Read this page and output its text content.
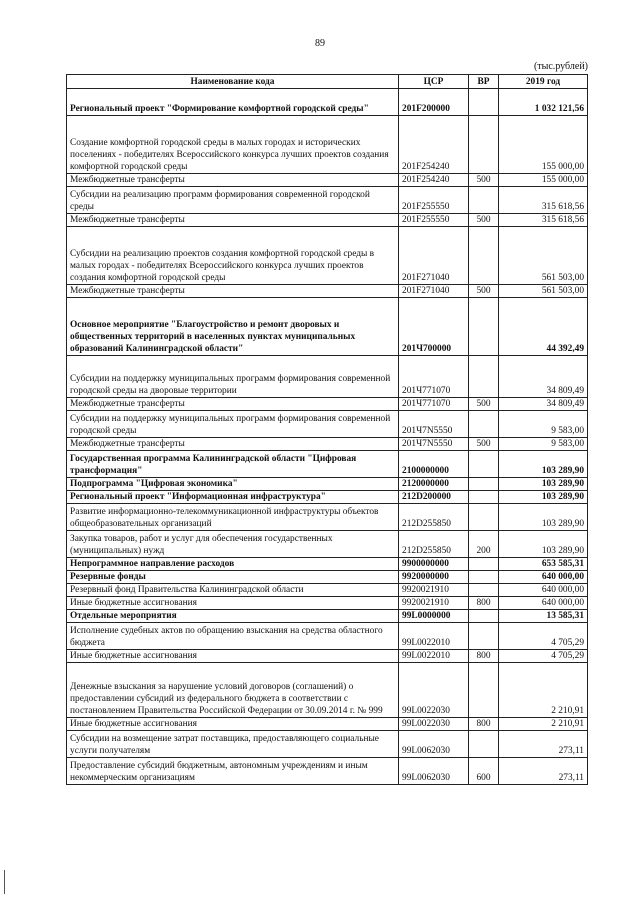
89
(тыс.рублей)
Наименование кода	ЦСР	ВР	2019 год
Региональный проект "Формирование комфортной городской среды"	201F200000		1 032 121,56
Создание комфортной городской среды в малых городах и исторических поселениях - победителях Всероссийского конкурса лучших проектов создания комфортной городской среды	201F254240		155 000,00
Межбюджетные трансферты	201F254240	500	155 000,00
Субсидии на реализацию программ формирования современной городской среды	201F255550		315 618,56
Межбюджетные трансферты	201F255550	500	315 618,56
Субсидии на реализацию проектов создания комфортной городской среды в малых городах - победителях Всероссийского конкурса лучших проектов создания комфортной городской среды	201F271040		561 503,00
Межбюджетные трансферты	201F271040	500	561 503,00
Основное мероприятие "Благоустройство и ремонт дворовых и общественных территорий в населенных пунктах муниципальных образований Калининградской области"	201Ч700000		44 392,49
Субсидии на поддержку муниципальных программ формирования современной городской среды на дворовые территории	201Ч771070		34 809,49
Межбюджетные трансферты	201Ч771070	500	34 809,49
Субсидии на поддержку муниципальных программ формирования современной городской среды	201Ч7N5550		9 583,00
Межбюджетные трансферты	201Ч7N5550	500	9 583,00
Государственная программа Калининградской области "Цифровая трансформация"	2100000000		103 289,90
Подпрограмма "Цифровая экономика"	2120000000		103 289,90
Региональный проект "Информационная инфраструктура"	212D200000		103 289,90
Развитие информационно-телекоммуникационной инфраструктуры объектов общеобразовательных организаций	212D255850		103 289,90
Закупка товаров, работ и услуг для обеспечения государственных (муниципальных) нужд	212D255850	200	103 289,90
Непрограммное направление расходов	9900000000		653 585,31
Резервные фонды	9920000000		640 000,00
Резервный фонд Правительства Калининградской области	9920021910		640 000,00
Иные бюджетные ассигнования	9920021910	800	640 000,00
Отдельные мероприятия	99L0000000		13 585,31
Исполнение судебных актов по обращению взыскания на средства областного бюджета	99L0022010		4 705,29
Иные бюджетные ассигнования	99L0022010	800	4 705,29
Денежные взыскания за нарушение условий договоров (соглашений) о предоставлении субсидий из федерального бюджета в соответствии с постановлением Правительства Российской Федерации от 30.09.2014 г. № 999	99L0022030		2 210,91
Иные бюджетные ассигнования	99L0022030	800	2 210,91
Субсидии на возмещение затрат поставщика, предоставляющего социальные услуги получателям	99L0062030		273,11
Предоставление субсидий бюджетным, автономным учреждениям и иным некоммерческим организациям	99L0062030	600	273,11
